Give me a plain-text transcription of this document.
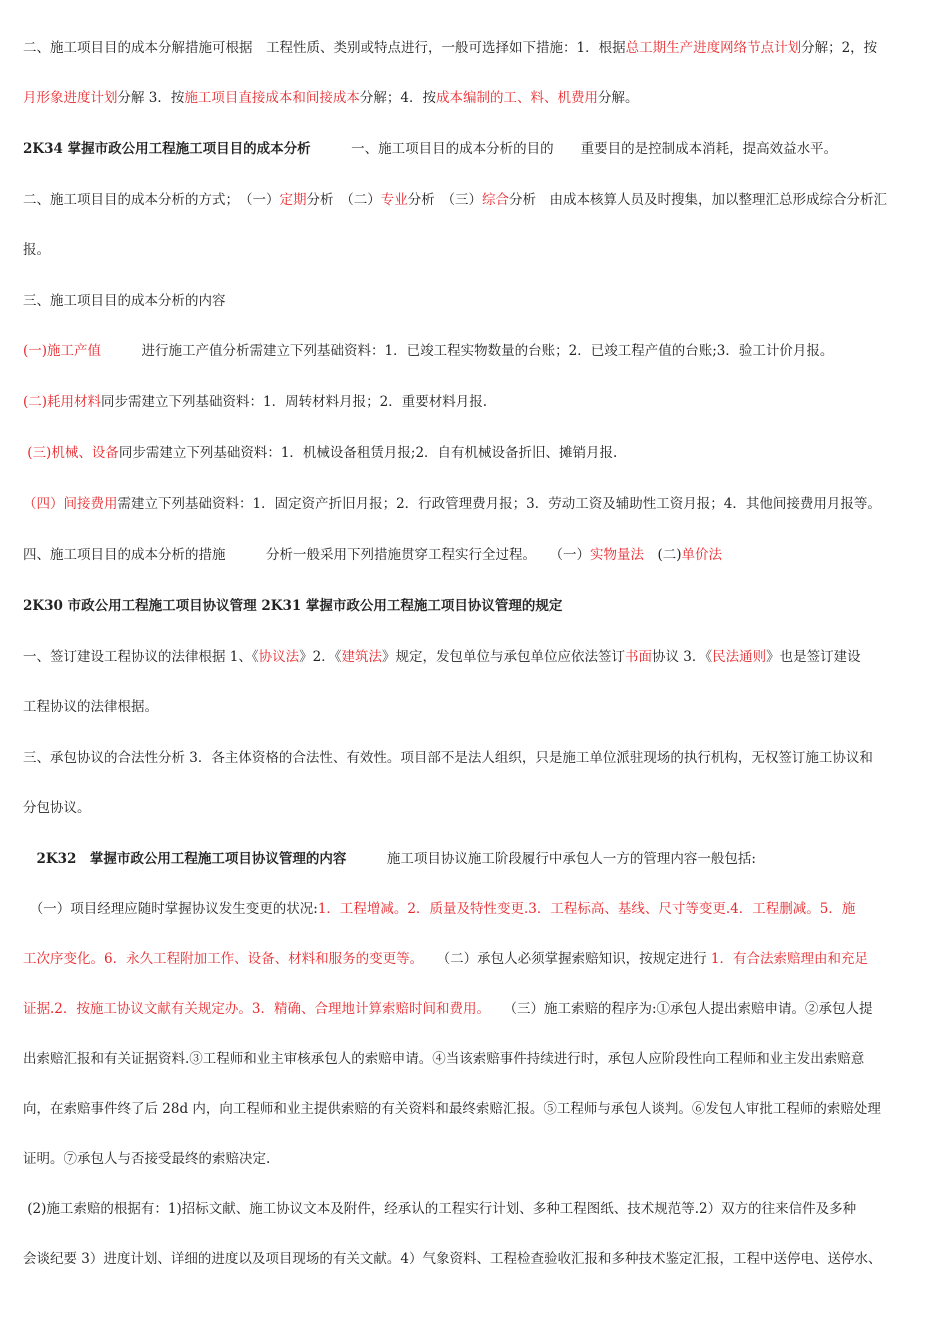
二、施工项目目的成本分解措施可根据　工程性质、类别或特点进行，一般可选择如下措施：1．根据总工期生产进度网络节点计划分解；2，按
月形象进度计划分解 3．按施工项目直接成本和间接成本分解；4．按成本编制的工、料、机费用分解。
2K34 掌握市政公用工程施工项目目的成本分析　　　一、施工项目目的成本分析的目的　　重要目的是控制成本消耗，提高效益水平。
二、施工项目目的成本分析的方式；　（一）定期分析　（二）专业分析　（三）综合分析　由成本核算人员及时搜集，加以整理汇总形成综合分析汇
报。
三、施工项目目的成本分析的内容
(一)施工产值　　　进行施工产值分析需建立下列基础资料：1．已竣工程实物数量的台账；2．已竣工程产值的台账;3．验工计价月报。
(二)耗用材料同步需建立下列基础资料：1．周转材料月报；2．重要材料月报.
(三)机械、设备同步需建立下列基础资料：1．机械设备租赁月报;2．自有机械设备折旧、摊销月报.
（四）间接费用需建立下列基础资料：1．固定资产折旧月报；2．行政管理费月报；3．劳动工资及辅助性工资月报；4．其他间接费用月报等。
四、施工项目目的成本分析的措施　　　分析一般采用下列措施贯穿工程实行全过程。　　（一）实物量法　(二)单价法
2K30 市政公用工程施工项目协议管理 2K31 掌握市政公用工程施工项目协议管理的规定
一、签订建设工程协议的法律根据 1、《协议法》2．《建筑法》规定，发包单位与承包单位应依法签订书面协议 3．《民法通则》也是签订建设
工程协议的法律根据。
三、承包协议的合法性分析 3．各主体资格的合法性、有效性。项目部不是法人组织，只是施工单位派驻现场的执行机构，无权签订施工协议和
分包协议。
　2K32　掌握市政公用工程施工项目协议管理的内容　　　施工项目协议施工阶段履行中承包人一方的管理内容一般包括:
　（一）项目经理应随时掌握协议发生变更的状况:1．工程增减。2．质量及特性变更.3．工程标高、基线、尺寸等变更.4．工程删减。5．施
工次序变化。6．永久工程附加工作、设备、材料和服务的变更等。　　（二）承包人必须掌握索赔知识，按规定进行 1．有合法索赔理由和充足
证据.2．按施工协议文献有关规定办。3．精确、合理地计算索赔时间和费用。　　（三）施工索赔的程序为:①承包人提出索赔申请。②承包人提
出索赔汇报和有关证据资料.③工程师和业主审核承包人的索赔申请。④当该索赔事件持续进行时，承包人应阶段性向工程师和业主发出索赔意
向，在索赔事件终了后 28d 内，向工程师和业主提供索赔的有关资料和最终索赔汇报。⑤工程师与承包人谈判。⑥发包人审批工程师的索赔处理
证明。⑦承包人与否接受最终的索赔决定.
(2)施工索赔的根据有：1)招标文献、施工协议文本及附件，经承认的工程实行计划、多种工程图纸、技术规范等.2）双方的往来信件及多种
会谈纪要 3）进度计划、详细的进度以及项目现场的有关文献。4）气象资料、工程检查验收汇报和多种技术鉴定汇报，工程中送停电、送停水、
